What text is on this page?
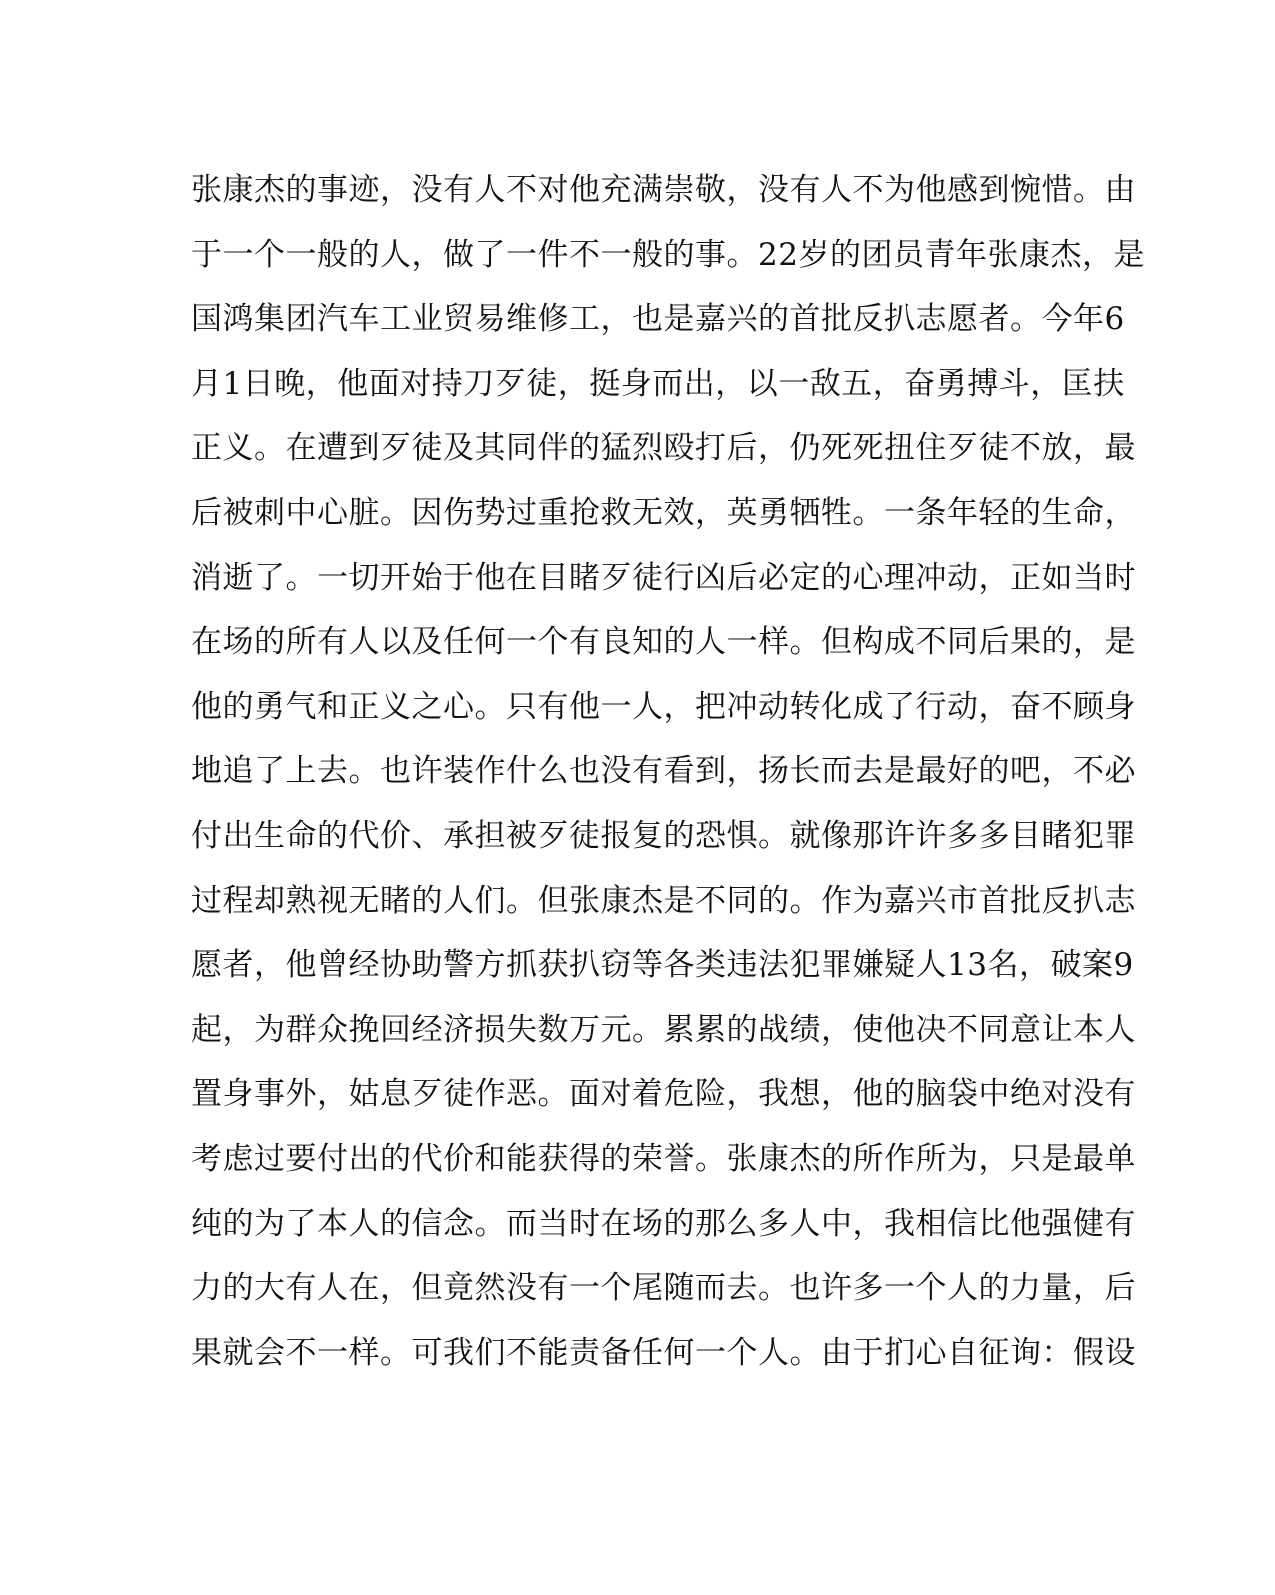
张康杰的事迹，没有人不对他充满崇敬，没有人不为他感到惋惜。由
于一个一般的人，做了一件不一般的事。22岁的团员青年张康杰，是
国鸿集团汽车工业贸易维修工，也是嘉兴的首批反扒志愿者。今年6
月1日晚，他面对持刀歹徒，挺身而出，以一敌五，奋勇搏斗，匡扶
正义。在遭到歹徒及其同伴的猛烈殴打后，仍死死扭住歹徒不放，最
后被刺中心脏。因伤势过重抢救无效，英勇牺牲。一条年轻的生命，
消逝了。一切开始于他在目睹歹徒行凶后必定的心理冲动，正如当时
在场的所有人以及任何一个有良知的人一样。但构成不同后果的，是
他的勇气和正义之心。只有他一人，把冲动转化成了行动，奋不顾身
地追了上去。也许装作什么也没有看到，扬长而去是最好的吧，不必
付出生命的代价、承担被歹徒报复的恐惧。就像那许许多多目睹犯罪
过程却熟视无睹的人们。但张康杰是不同的。作为嘉兴市首批反扒志
愿者，他曾经协助警方抓获扒窃等各类违法犯罪嫌疑人13名，破案9
起，为群众挽回经济损失数万元。累累的战绩，使他决不同意让本人
置身事外，姑息歹徒作恶。面对着危险，我想，他的脑袋中绝对没有
考虑过要付出的代价和能获得的荣誉。张康杰的所作所为，只是最单
纯的为了本人的信念。而当时在场的那么多人中，我相信比他强健有
力的大有人在，但竟然没有一个尾随而去。也许多一个人的力量，后
果就会不一样。可我们不能责备任何一个人。由于扪心自征询：假设
